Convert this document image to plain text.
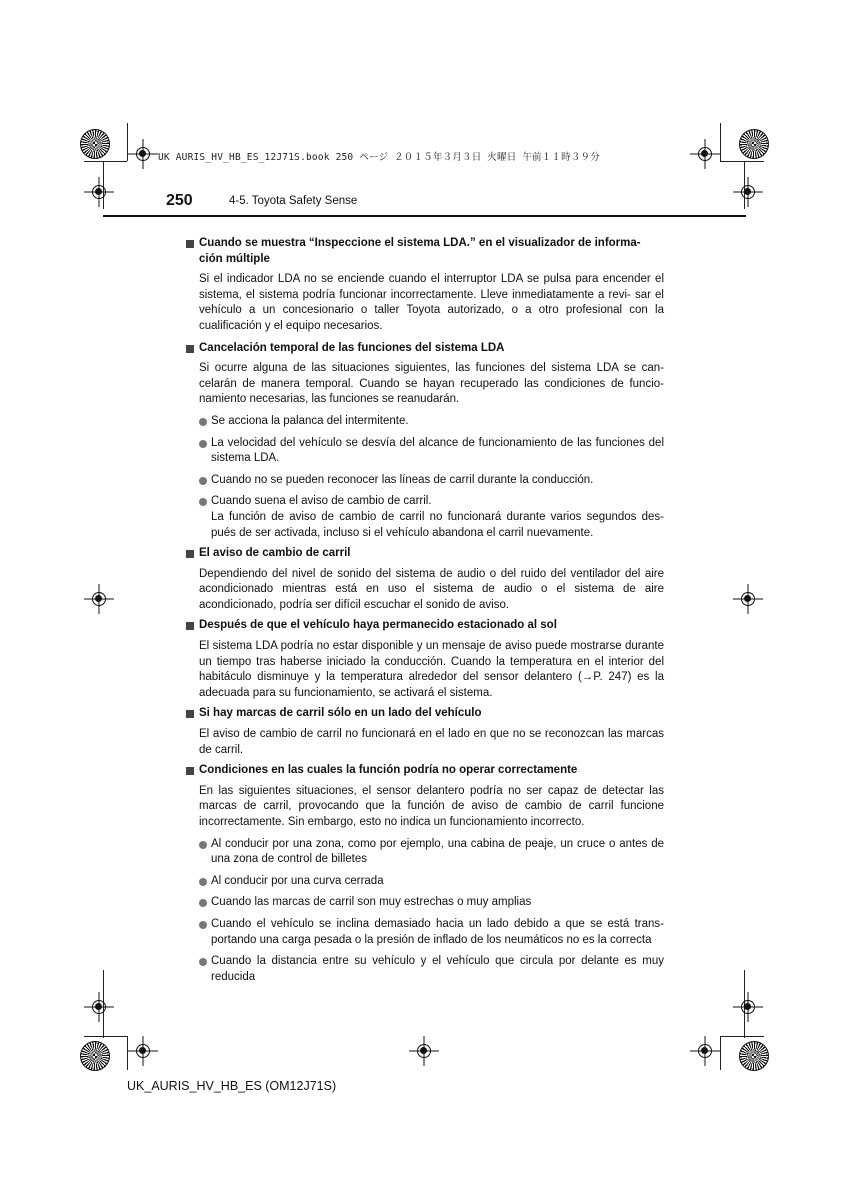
UK AURIS_HV_HB_ES_12J71S.book 250 ページ ２０１５年３月３日 火曜日 午前１１時３９分
250	4-5. Toyota Safety Sense
Cuando se muestra “Inspeccione el sistema LDA.” en el visualizador de informa- ción múltiple
Si el indicador LDA no se enciende cuando el interruptor LDA se pulsa para encender el sistema, el sistema podría funcionar incorrectamente. Lleve inmediatamente a revi- sar el vehículo a un concesionario o taller Toyota autorizado, o a otro profesional con la cualificación y el equipo necesarios.
Cancelación temporal de las funciones del sistema LDA
Si ocurre alguna de las situaciones siguientes, las funciones del sistema LDA se can- celarán de manera temporal. Cuando se hayan recuperado las condiciones de funcio- namiento necesarias, las funciones se reanudarán.
Se acciona la palanca del intermitente.
La velocidad del vehículo se desvía del alcance de funcionamiento de las funciones del sistema LDA.
Cuando no se pueden reconocer las líneas de carril durante la conducción.
Cuando suena el aviso de cambio de carril.
La función de aviso de cambio de carril no funcionará durante varios segundos des- pués de ser activada, incluso si el vehículo abandona el carril nuevamente.
El aviso de cambio de carril
Dependiendo del nivel de sonido del sistema de audio o del ruido del ventilador del aire acondicionado mientras está en uso el sistema de audio o el sistema de aire acondicionado, podría ser difícil escuchar el sonido de aviso.
Después de que el vehículo haya permanecido estacionado al sol
El sistema LDA podría no estar disponible y un mensaje de aviso puede mostrarse durante un tiempo tras haberse iniciado la conducción. Cuando la temperatura en el interior del habitáculo disminuye y la temperatura alrededor del sensor delantero (→P. 247) es la adecuada para su funcionamiento, se activará el sistema.
Si hay marcas de carril sólo en un lado del vehículo
El aviso de cambio de carril no funcionará en el lado en que no se reconozcan las marcas de carril.
Condiciones en las cuales la función podría no operar correctamente
En las siguientes situaciones, el sensor delantero podría no ser capaz de detectar las marcas de carril, provocando que la función de aviso de cambio de carril funcione incorrectamente. Sin embargo, esto no indica un funcionamiento incorrecto.
Al conducir por una zona, como por ejemplo, una cabina de peaje, un cruce o antes de una zona de control de billetes
Al conducir por una curva cerrada
Cuando las marcas de carril son muy estrechas o muy amplias
Cuando el vehículo se inclina demasiado hacia un lado debido a que se está trans- portando una carga pesada o la presión de inflado de los neumáticos no es la correcta
Cuando la distancia entre su vehículo y el vehículo que circula por delante es muy reducida
UK_AURIS_HV_HB_ES (OM12J71S)
